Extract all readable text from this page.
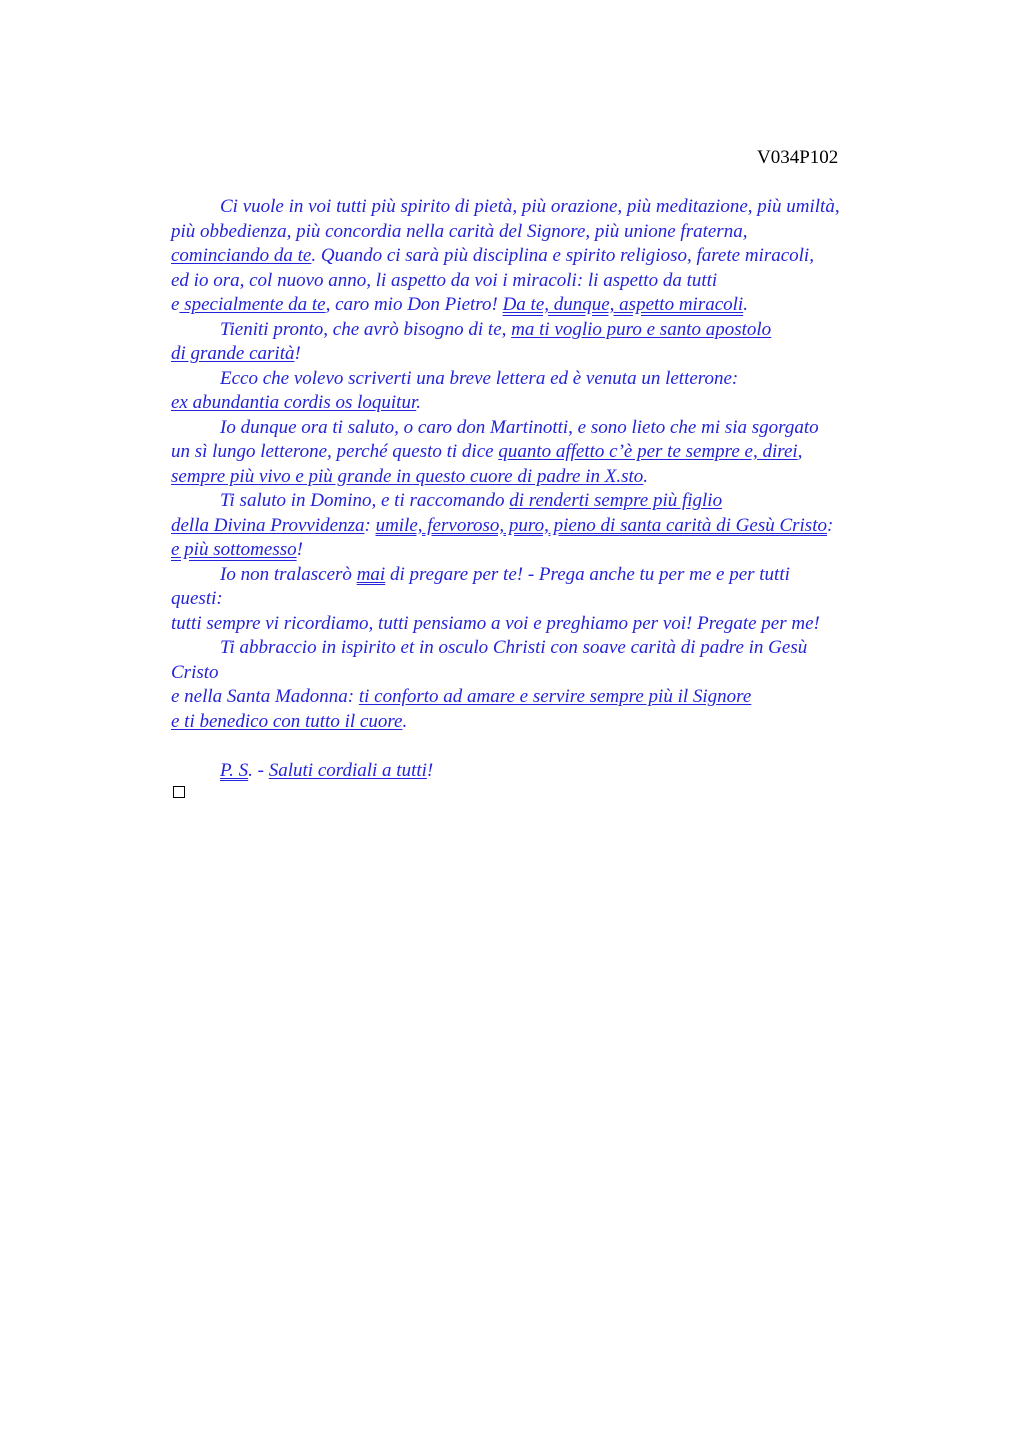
V034P102
Ci vuole in voi tutti più spirito di pietà, più orazione, più meditazione, più umiltà,
più obbedienza, più concordia nella carità del Signore, più unione fraterna,
cominciando da te. Quando ci sarà più disciplina e spirito religioso, farete miracoli,
ed io ora, col nuovo anno, li aspetto da voi i miracoli: li aspetto da tutti
e specialmente da te, caro mio Don Pietro! Da te, dunque, aspetto miracoli.
Tieniti pronto, che avrò bisogno di te, ma ti voglio puro e santo apostolo
di grande carità!
Ecco che volevo scriverti una breve lettera ed è venuta un letterone:
ex abundantia cordis os loquitur.
Io dunque ora ti saluto, o caro don Martinotti, e sono lieto che mi sia sgorgato
un sì lungo letterone, perché questo ti dice quanto affetto c’è per te sempre e, direi,
sempre più vivo e più grande in questo cuore di padre in X.sto.
Ti saluto in Domino, e ti raccomando di renderti sempre più figlio
della Divina Provvidenza: umile, fervoroso, puro, pieno di santa carità di Gesù Cristo:
e più sottomesso!
Io non tralascerò mai di pregare per te! - Prega anche tu per me e per tutti
questi:
tutti sempre vi ricordiamo, tutti pensiamo a voi e preghiamo per voi! Pregate per me!
Ti abbraccio in ispirito et in osculo Christi con soave carità di padre in Gesù
Cristo
e nella Santa Madonna: ti conforto ad amare e servire sempre più il Signore
e ti benedico con tutto il cuore.
P. S. - Saluti cordiali a tutti!
